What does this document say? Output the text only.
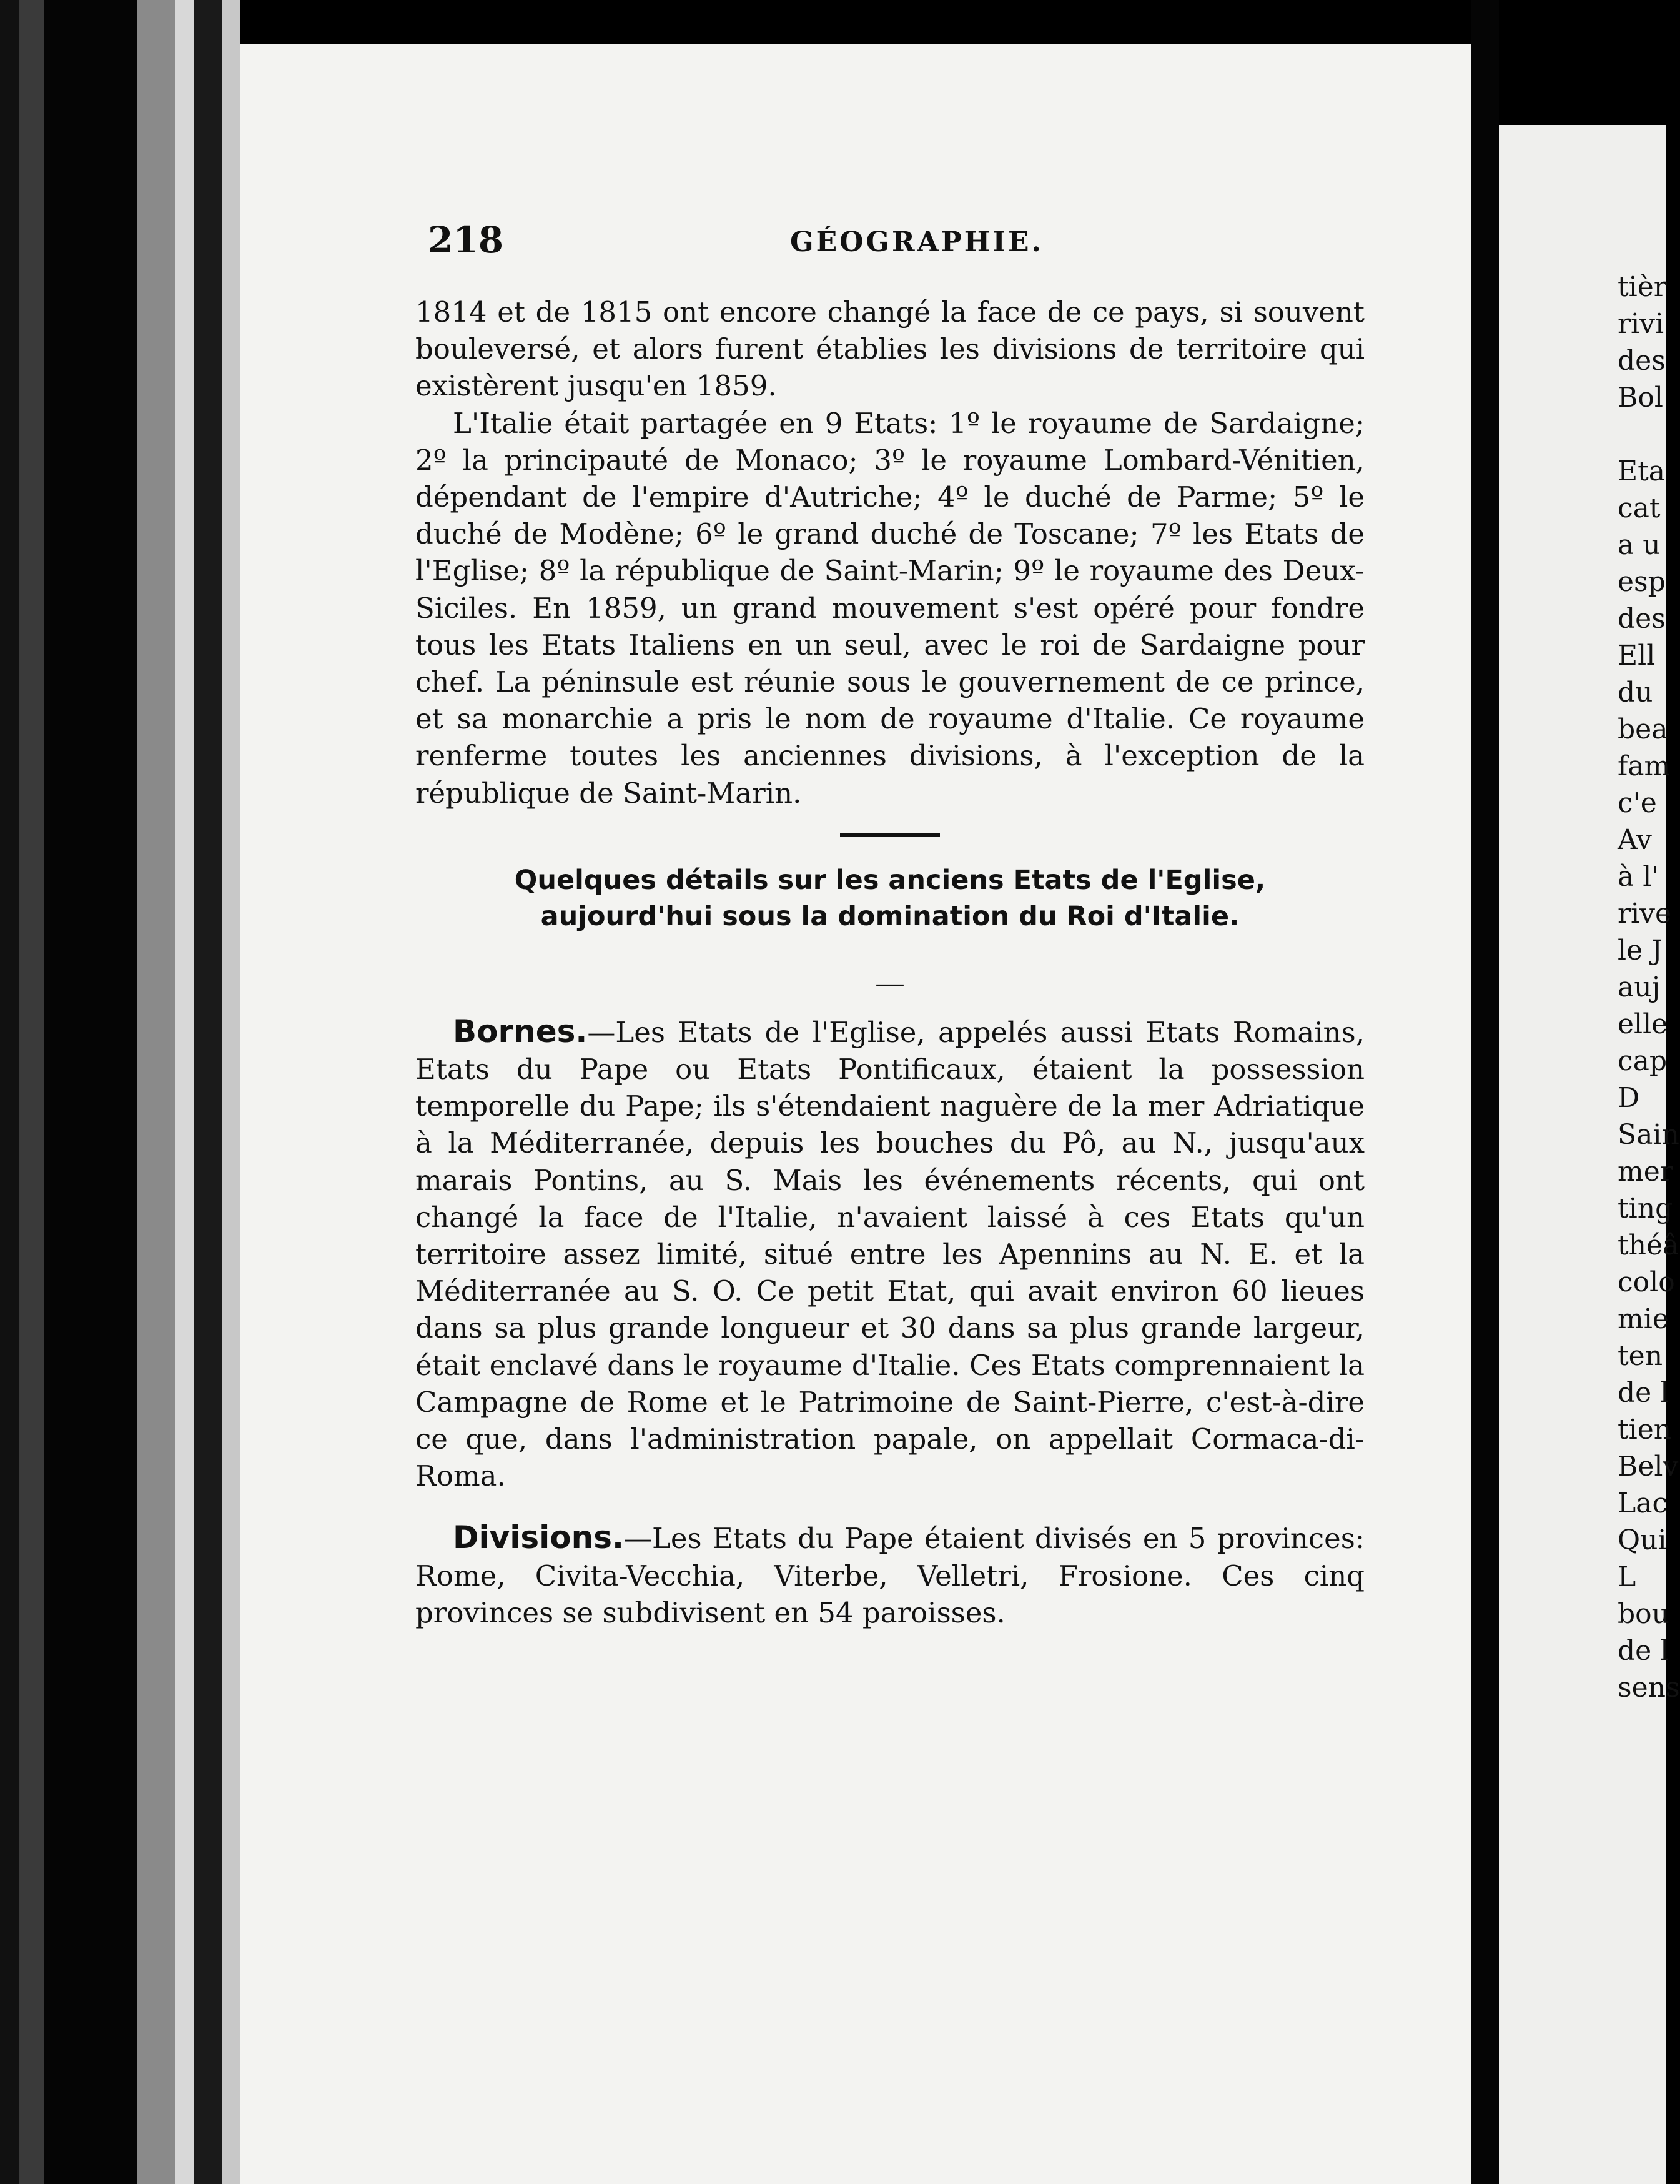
218	GÉOGRAPHIE.

1814 et de 1815 ont encore changé la face de ce pays, si souvent bouleversé, et alors furent établies les divisions de territoire qui existèrent jusqu'en 1859.

L'Italie était partagée en 9 Etats: 1º le royaume de Sardaigne; 2º la principauté de Monaco; 3º le royaume Lombard-Vénitien, dépendant de l'empire d'Autriche; 4º le duché de Parme; 5º le duché de Modène; 6º le grand duché de Toscane; 7º les Etats de l'Eglise; 8º la république de Saint-Marin; 9º le royaume des Deux-Siciles. En 1859, un grand mouvement s'est opéré pour fondre tous les Etats Italiens en un seul, avec le roi de Sardaigne pour chef. La péninsule est réunie sous le gouvernement de ce prince, et sa monarchie a pris le nom de royaume d'Italie. Ce royaume renferme toutes les anciennes divisions, à l'exception de la république de Saint-Marin.

Quelques détails sur les anciens Etats de l'Eglise,
aujourd'hui sous la domination du Roi d'Italie.

—

Bornes.—Les Etats de l'Eglise, appelés aussi Etats Romains, Etats du Pape ou Etats Pontificaux, étaient la possession temporelle du Pape; ils s'étendaient naguère de la mer Adriatique à la Méditerranée, depuis les bouches du Pô, au N., jusqu'aux marais Pontins, au S. Mais les événements récents, qui ont changé la face de l'Italie, n'avaient laissé à ces Etats qu'un territoire assez limité, situé entre les Apennins au N. E. et la Méditerranée au S. O. Ce petit Etat, qui avait environ 60 lieues dans sa plus grande longueur et 30 dans sa plus grande largeur, était enclavé dans le royaume d'Italie. Ces Etats comprennaient la Campagne de Rome et le Patrimoine de Saint-Pierre, c'est-à-dire ce que, dans l'administration papale, on appellait Cormaca-di-Roma.

Divisions.—Les Etats du Pape étaient divisés en 5 provinces: Rome, Civita-Vecchia, Viterbe, Velletri, Frosione. Ces cinq provinces se subdivisent en 54 paroisses.

tièr
rivi
des
Bol

Eta
cat
a u
esp
des
Ell
du
bea
fam
c'e
Av
à l'
rive
le J
auj
elle
cap
D
Sain
mer
ting
théâ
colo
mie
ten
de l
tien
Belv
Lac
Qui
L
bou
de l
sens
